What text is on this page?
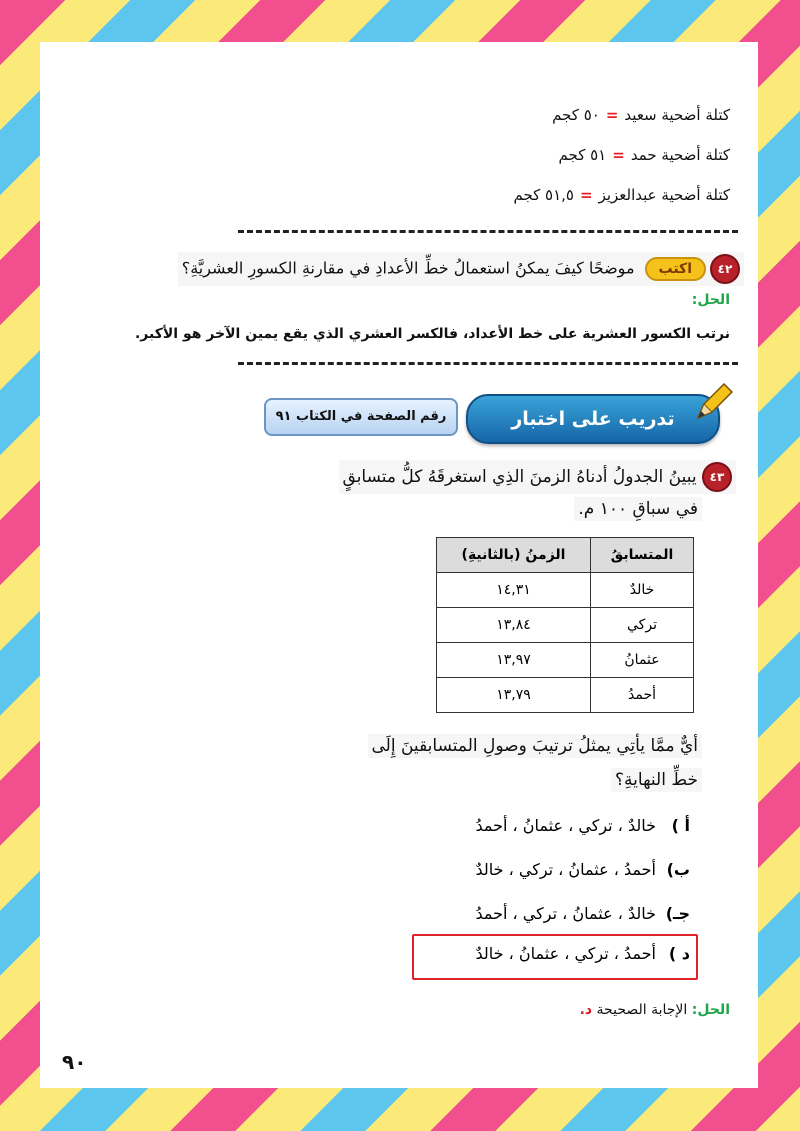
كتلة أضحية سعيد=٥٠ كجم
كتلة أضحية حمد=٥١ كجم
كتلة أضحية عبدالعزيز=٥١,٥ كجم
٤٢اكتبموضحًا كيفَ يمكنُ استعمالُ خطِّ الأعدادِ في مقارنةِ الكسورِ العشريَّةِ؟
الحل:
نرتب الكسور العشرية على خط الأعداد، فالكسر العشري الذي يقع يمين الآخر هو الأكبر.
تدريب على اختبار
رقم الصفحة في الكتاب ٩١
٤٣ يبينُ الجدولُ أدناهُ الزمنَ الذِي استغرقَهُ كلُّ متسابقٍ
في سباقِ ١٠٠ م.
المتسابقُ	الزمنُ (بالثانيةِ)
خالدٌ	١٤,٣١
تركي	١٣,٨٤
عثمانُ	١٣,٩٧
أحمدُ	١٣,٧٩
أيٌّ ممَّا يأتِي يمثلُ ترتيبَ وصولِ المتسابقينَ إِلَى
خطِّ النهايةِ؟
أ )خالدٌ ، تركي ، عثمانُ ، أحمدُ
ب)أحمدُ ، عثمانُ ، تركي ، خالدٌ
جـ)خالدٌ ، عثمانُ ، تركي ، أحمدُ
د )أحمدُ ، تركي ، عثمانُ ، خالدٌ
الحل: الإجابة الصحيحة د.
٩٠
